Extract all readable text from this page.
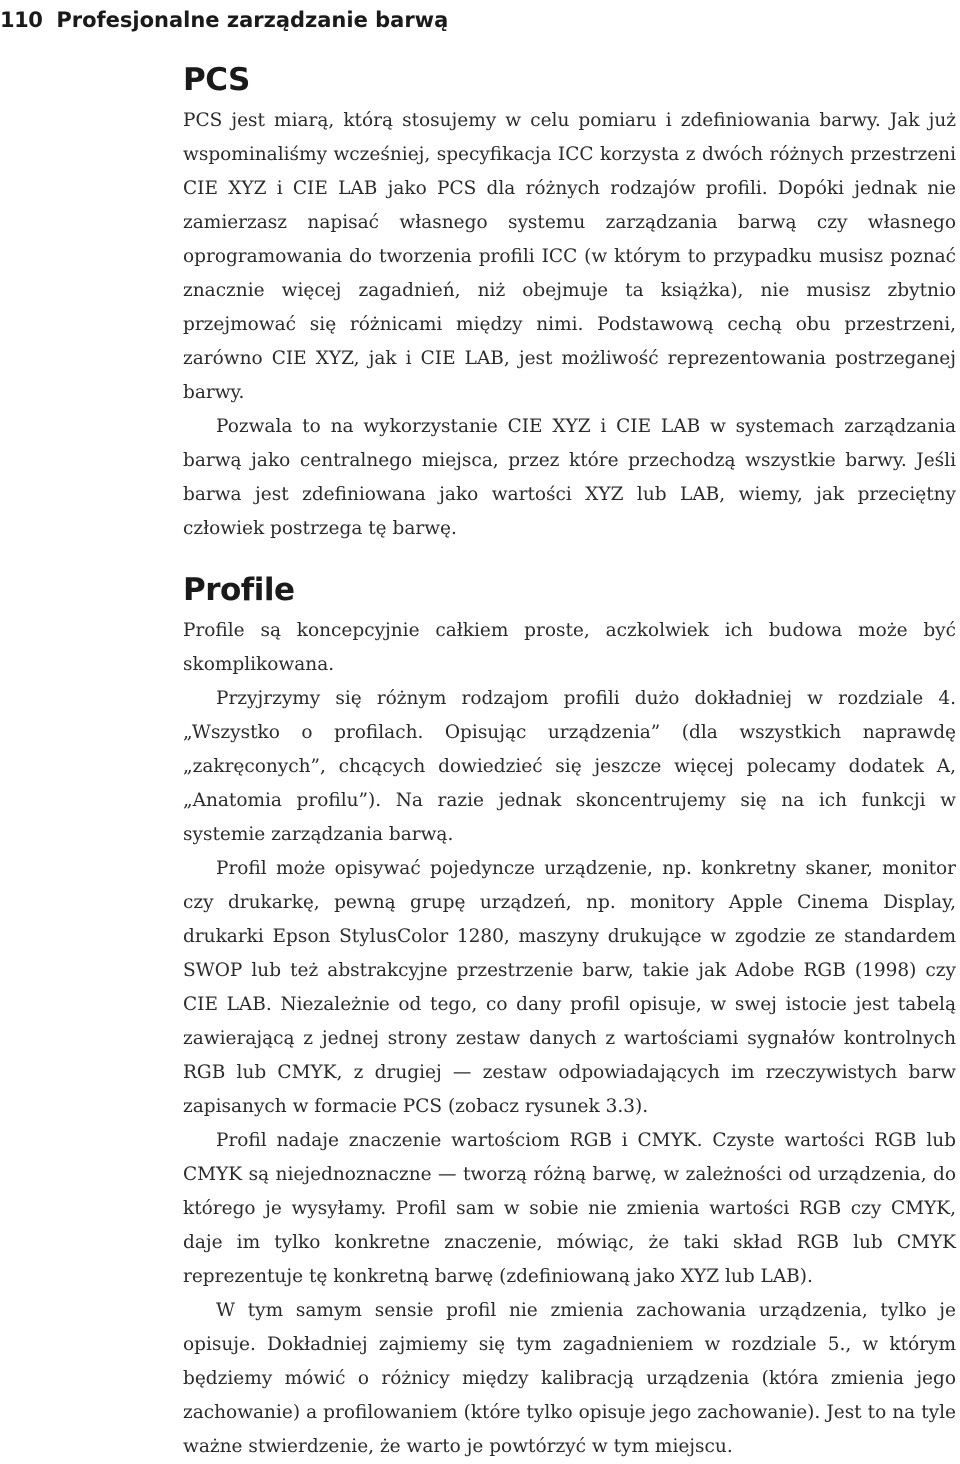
110 Profesjonalne zarządzanie barwą
PCS

PCS jest miarą, którą stosujemy w celu pomiaru i zdefiniowania barwy. Jak już wspominaliśmy wcześniej, specyfikacja ICC korzysta z dwóch różnych przestrzeni CIE XYZ i CIE LAB jako PCS dla różnych rodzajów profili. Dopóki jednak nie zamierzasz napisać własnego systemu zarządzania barwą czy własnego oprogramowania do tworzenia profili ICC (w którym to przypadku musisz poznać znacznie więcej zagadnień, niż obejmuje ta książka), nie musisz zbytnio przejmować się różnicami między nimi. Podstawową cechą obu przestrzeni, zarówno CIE XYZ, jak i CIE LAB, jest możliwość reprezentowania postrzeganej barwy.

Pozwala to na wykorzystanie CIE XYZ i CIE LAB w systemach zarządzania barwą jako centralnego miejsca, przez które przechodzą wszystkie barwy. Jeśli barwa jest zdefiniowana jako wartości XYZ lub LAB, wiemy, jak przeciętny człowiek postrzega tę barwę.

Profile

Profile są koncepcyjnie całkiem proste, aczkolwiek ich budowa może być skomplikowana.

Przyjrzymy się różnym rodzajom profili dużo dokładniej w rozdziale 4. „Wszystko o profilach. Opisując urządzenia” (dla wszystkich naprawdę „zakręconych”, chcących dowiedzieć się jeszcze więcej polecamy dodatek A, „Anatomia profilu”). Na razie jednak skoncentrujemy się na ich funkcji w systemie zarządzania barwą.

Profil może opisywać pojedyncze urządzenie, np. konkretny skaner, monitor czy drukarkę, pewną grupę urządzeń, np. monitory Apple Cinema Display, drukarki Epson StylusColor 1280, maszyny drukujące w zgodzie ze standardem SWOP lub też abstrakcyjne przestrzenie barw, takie jak Adobe RGB (1998) czy CIE LAB. Niezależnie od tego, co dany profil opisuje, w swej istocie jest tabelą zawierającą z jednej strony zestaw danych z wartościami sygnałów kontrolnych RGB lub CMYK, z drugiej — zestaw odpowiadających im rzeczywistych barw zapisanych w formacie PCS (zobacz rysunek 3.3).

Profil nadaje znaczenie wartościom RGB i CMYK. Czyste wartości RGB lub CMYK są niejednoznaczne — tworzą różną barwę, w zależności od urządzenia, do którego je wysyłamy. Profil sam w sobie nie zmienia wartości RGB czy CMYK, daje im tylko konkretne znaczenie, mówiąc, że taki skład RGB lub CMYK reprezentuje tę konkretną barwę (zdefiniowaną jako XYZ lub LAB).

W tym samym sensie profil nie zmienia zachowania urządzenia, tylko je opisuje. Dokładniej zajmiemy się tym zagadnieniem w rozdziale 5., w którym będziemy mówić o różnicy między kalibracją urządzenia (która zmienia jego zachowanie) a profilowaniem (które tylko opisuje jego zachowanie). Jest to na tyle ważne stwierdzenie, że warto je powtórzyć w tym miejscu.
